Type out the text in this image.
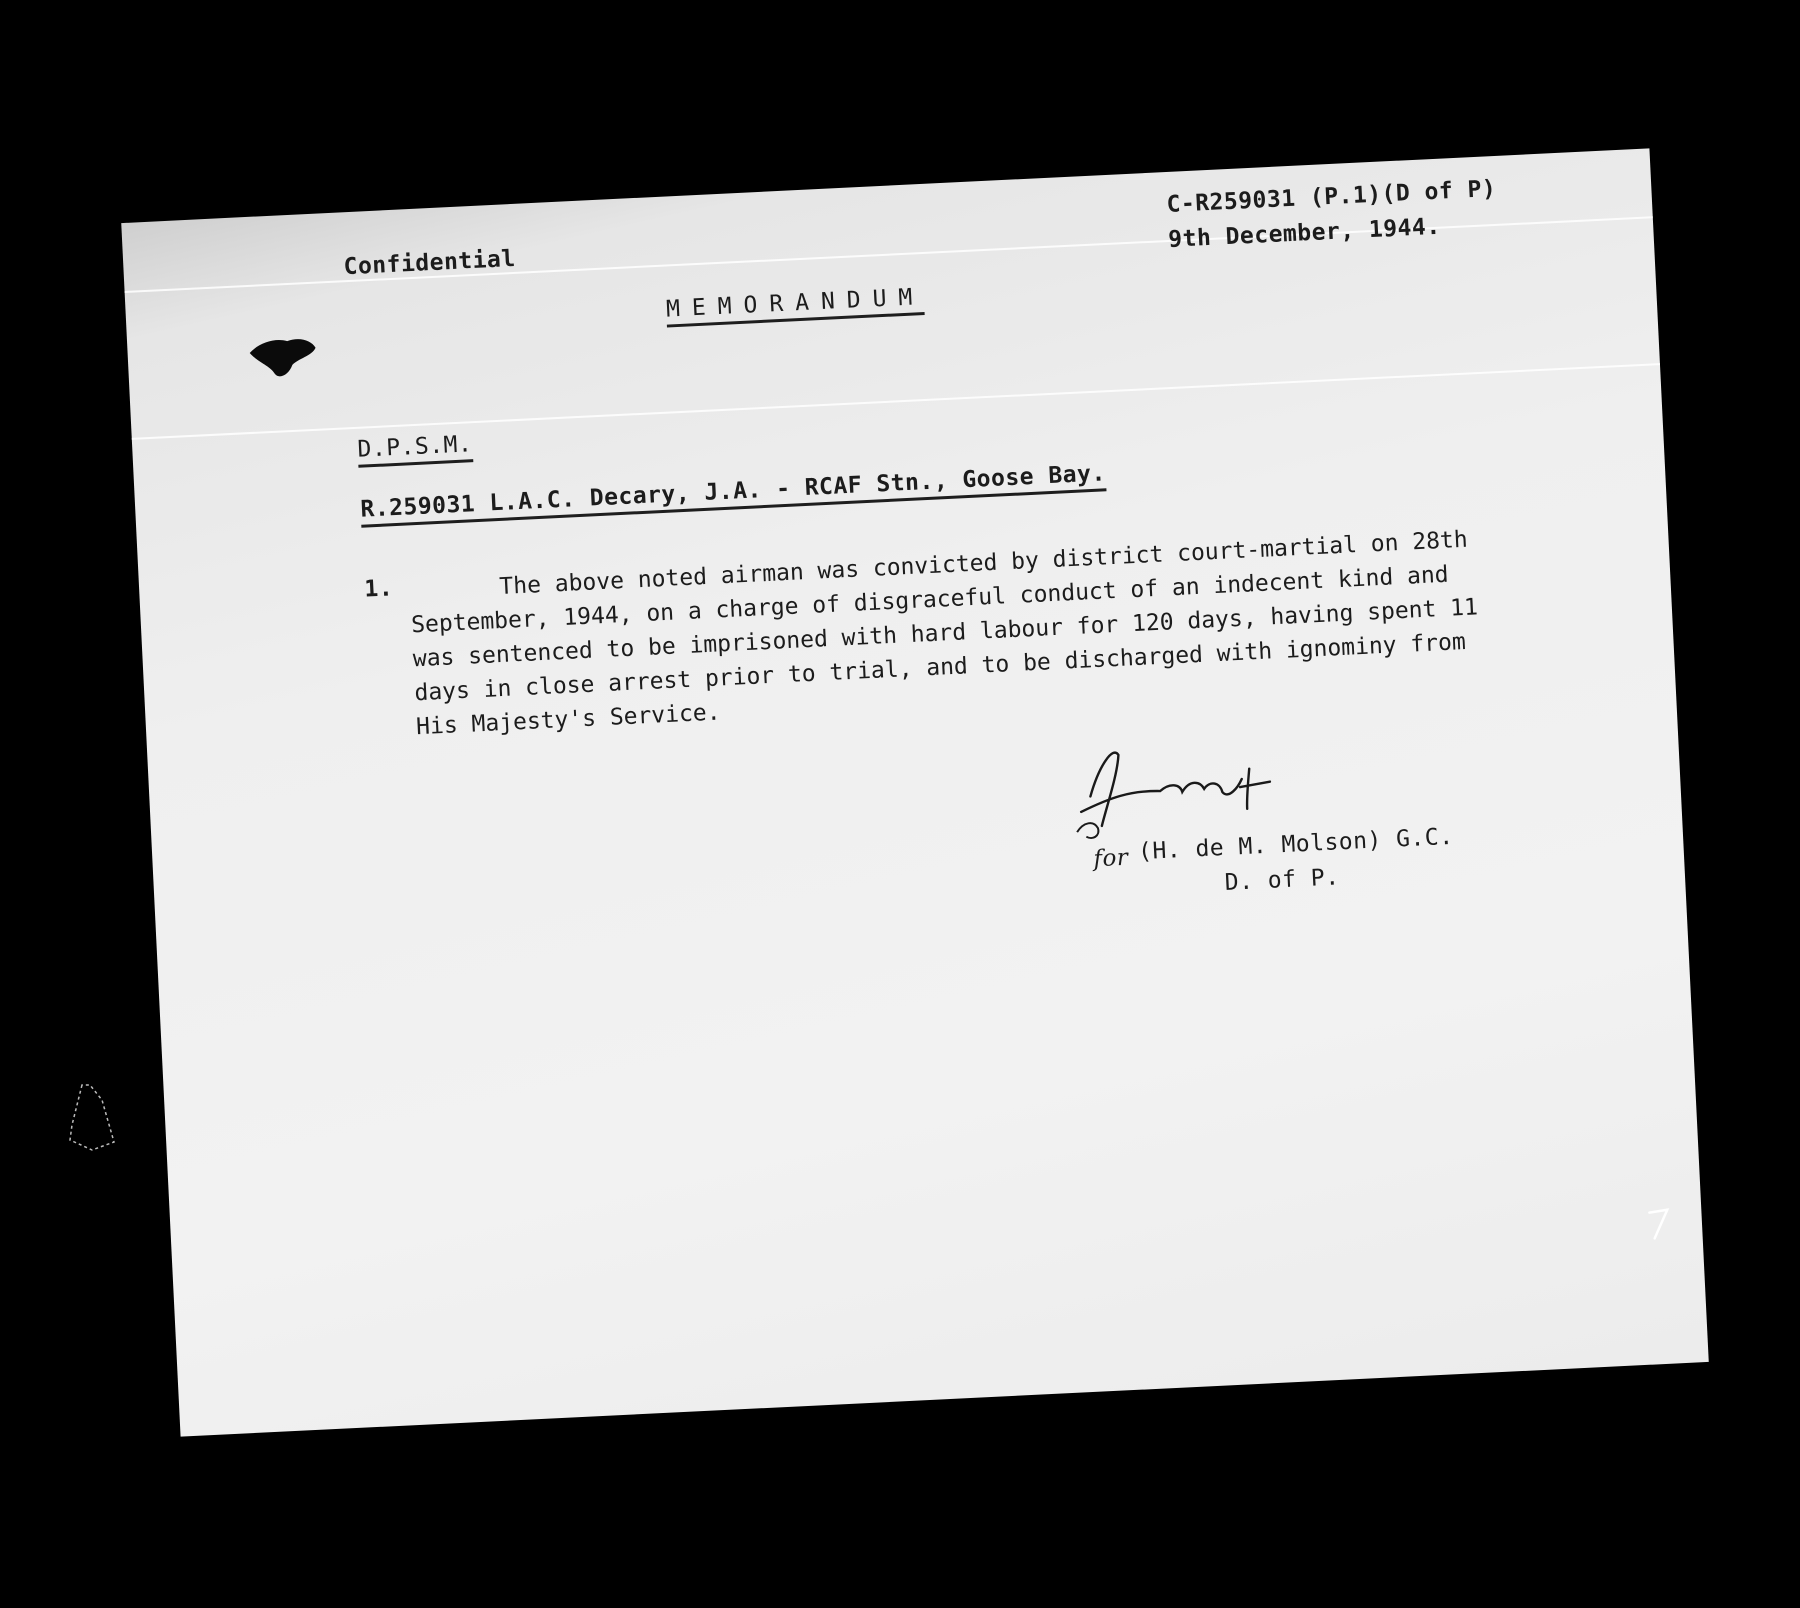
Confidential
C-R259031 (P.1)(D of P)
9th December, 1944.
MEMORANDUM
D.P.S.M.
R.259031 L.A.C. Decary, J.A. - RCAF Stn., Goose Bay.
1.	The above noted airman was convicted by district court-martial on 28th September, 1944, on a charge of disgraceful conduct of an indecent kind and was sentenced to be imprisoned with hard labour for 120 days, having spent 11 days in close arrest prior to trial, and to be discharged with ignominy from His Majesty's Service.

for (H. de M. Molson) G.C.
D. of P.
